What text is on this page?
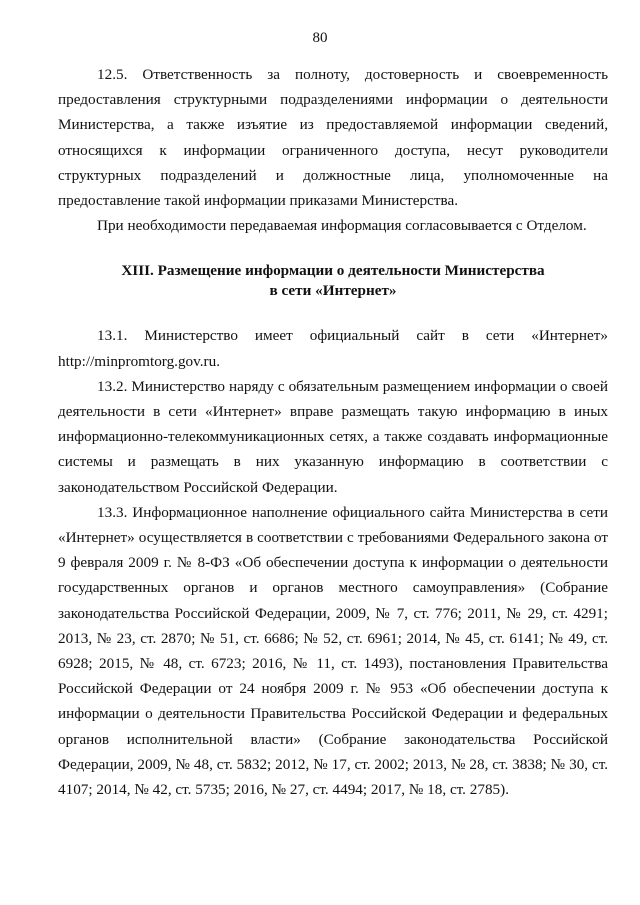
80

12.5. Ответственность за полноту, достоверность и своевременность предоставления структурными подразделениями информации о деятельности Министерства, а также изъятие из предоставляемой информации сведений, относящихся к информации ограниченного доступа, несут руководители структурных подразделений и должностные лица, уполномоченные на предоставление такой информации приказами Министерства.

При необходимости передаваемая информация согласовывается с Отделом.

XIII. Размещение информации о деятельности Министерства

в сети «Интернет»

13.1. Министерство имеет официальный сайт в сети «Интернет» http://minpromtorg.gov.ru.

13.2. Министерство наряду с обязательным размещением информации о своей деятельности в сети «Интернет» вправе размещать такую информацию в иных информационно-телекоммуникационных сетях, а также создавать информационные системы и размещать в них указанную информацию в соответствии с законодательством Российской Федерации.

13.3. Информационное наполнение официального сайта Министерства в сети «Интернет» осуществляется в соответствии с требованиями Федерального закона от 9 февраля 2009 г. № 8-ФЗ «Об обеспечении доступа к информации о деятельности государственных органов и органов местного самоуправления» (Собрание законодательства Российской Федерации, 2009, № 7, ст. 776; 2011, № 29, ст. 4291; 2013, № 23, ст. 2870; № 51, ст. 6686; № 52, ст. 6961; 2014, № 45, ст. 6141; № 49, ст. 6928; 2015, № 48, ст. 6723; 2016, № 11, ст. 1493), постановления Правительства Российской Федерации от 24 ноября 2009 г. № 953 «Об обеспечении доступа к информации о деятельности Правительства Российской Федерации и федеральных органов исполнительной власти» (Собрание законодательства Российской Федерации, 2009, № 48, ст. 5832; 2012, № 17, ст. 2002; 2013, № 28, ст. 3838; № 30, ст. 4107; 2014, № 42, ст. 5735; 2016, № 27, ст. 4494; 2017, № 18, ст. 2785).
